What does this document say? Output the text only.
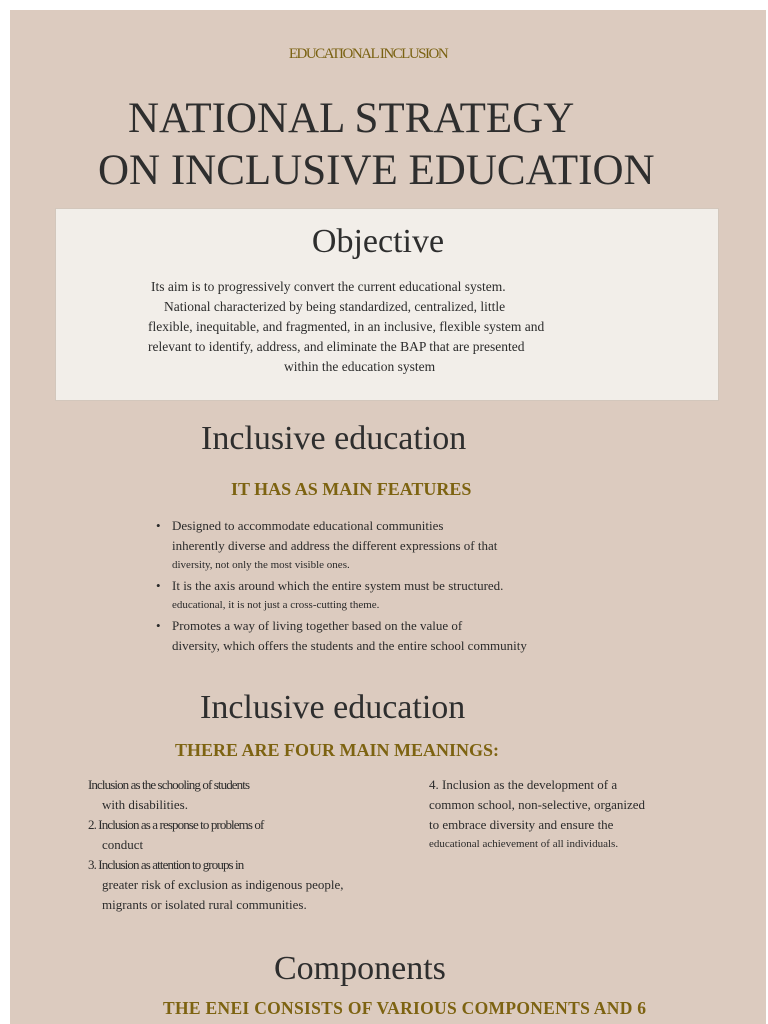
EDUCATIONAL INCLUSION
NATIONAL STRATEGY
ON INCLUSIVE EDUCATION
Objective
Its aim is to progressively convert the current educational system.
National characterized by being standardized, centralized, little
flexible, inequitable, and fragmented, in an inclusive, flexible system and
relevant to identify, address, and eliminate the BAP that are presented
within the education system
Inclusive education
IT HAS AS MAIN FEATURES
• Designed to accommodate educational communities
inherently diverse and address the different expressions of that
diversity, not only the most visible ones.
• It is the axis around which the entire system must be structured.
educational, it is not just a cross-cutting theme.
• Promotes a way of living together based on the value of
diversity, which offers the students and the entire school community
Inclusive education
THERE ARE FOUR MAIN MEANINGS:
Inclusion as the schooling of students
with disabilities.
2. Inclusion as a response to problems of
conduct
3. Inclusion as attention to groups in
greater risk of exclusion as indigenous people,
migrants or isolated rural communities.
4. Inclusion as the development of a
common school, non-selective, organized
to embrace diversity and ensure the
educational achievement of all individuals.
Components
THE ENEI CONSISTS OF VARIOUS COMPONENTS AND 6
